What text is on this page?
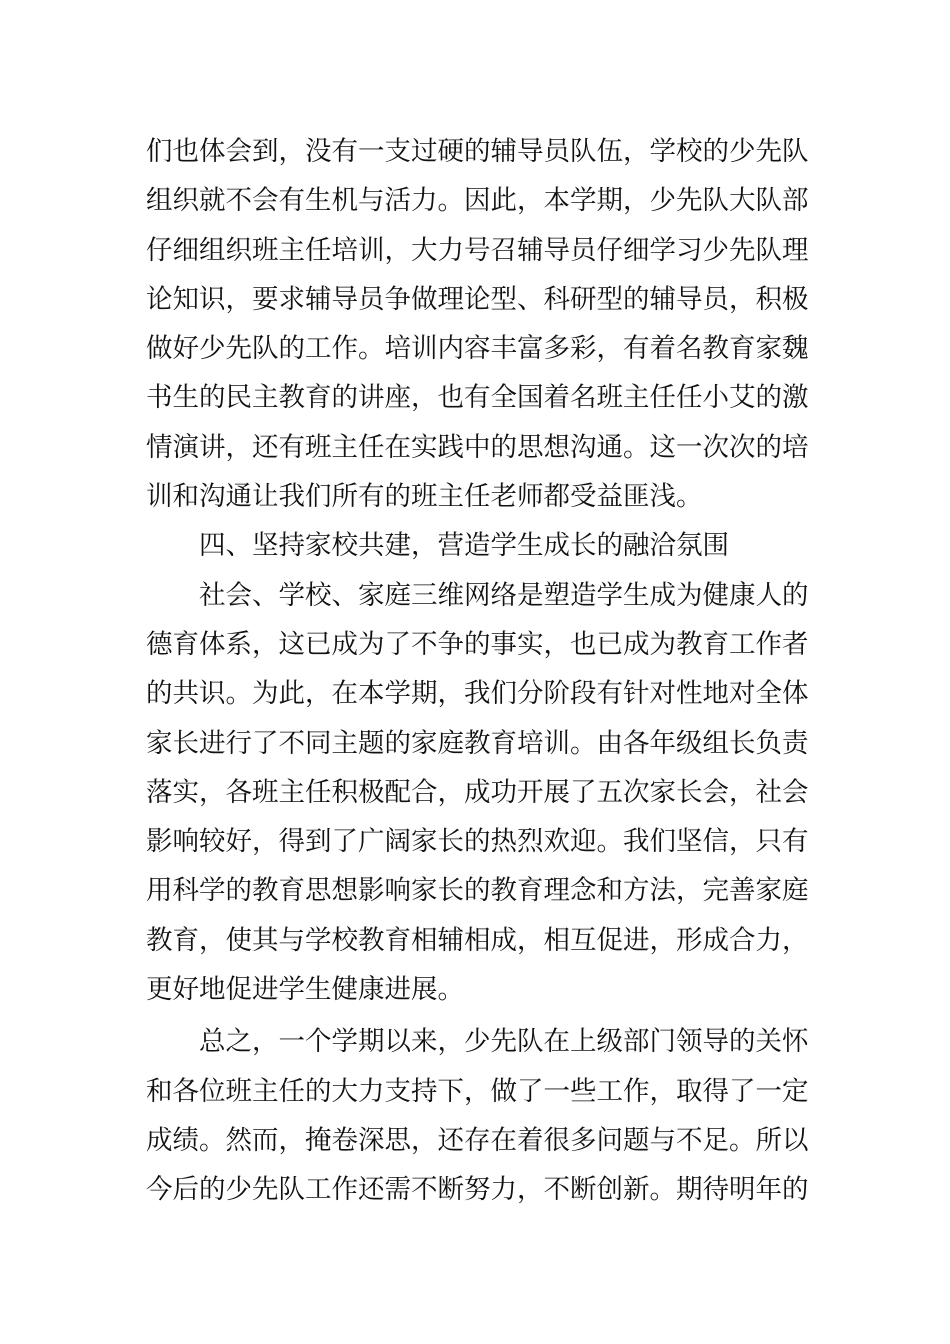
们也体会到，没有一支过硬的辅导员队伍，学校的少先队
组织就不会有生机与活力。因此，本学期，少先队大队部
仔细组织班主任培训，大力号召辅导员仔细学习少先队理
论知识，要求辅导员争做理论型、科研型的辅导员，积极
做好少先队的工作。培训内容丰富多彩，有着名教育家魏
书生的民主教育的讲座，也有全国着名班主任任小艾的激
情演讲，还有班主任在实践中的思想沟通。这一次次的培
训和沟通让我们所有的班主任老师都受益匪浅。
四、坚持家校共建，营造学生成长的融洽氛围
社会、学校、家庭三维网络是塑造学生成为健康人的
德育体系，这已成为了不争的事实，也已成为教育工作者
的共识。为此，在本学期，我们分阶段有针对性地对全体
家长进行了不同主题的家庭教育培训。由各年级组长负责
落实，各班主任积极配合，成功开展了五次家长会，社会
影响较好，得到了广阔家长的热烈欢迎。我们坚信，只有
用科学的教育思想影响家长的教育理念和方法，完善家庭
教育，使其与学校教育相辅相成，相互促进，形成合力，
更好地促进学生健康进展。
总之，一个学期以来，少先队在上级部门领导的关怀
和各位班主任的大力支持下，做了一些工作，取得了一定
成绩。然而，掩卷深思，还存在着很多问题与不足。所以
今后的少先队工作还需不断努力，不断创新。期待明年的
